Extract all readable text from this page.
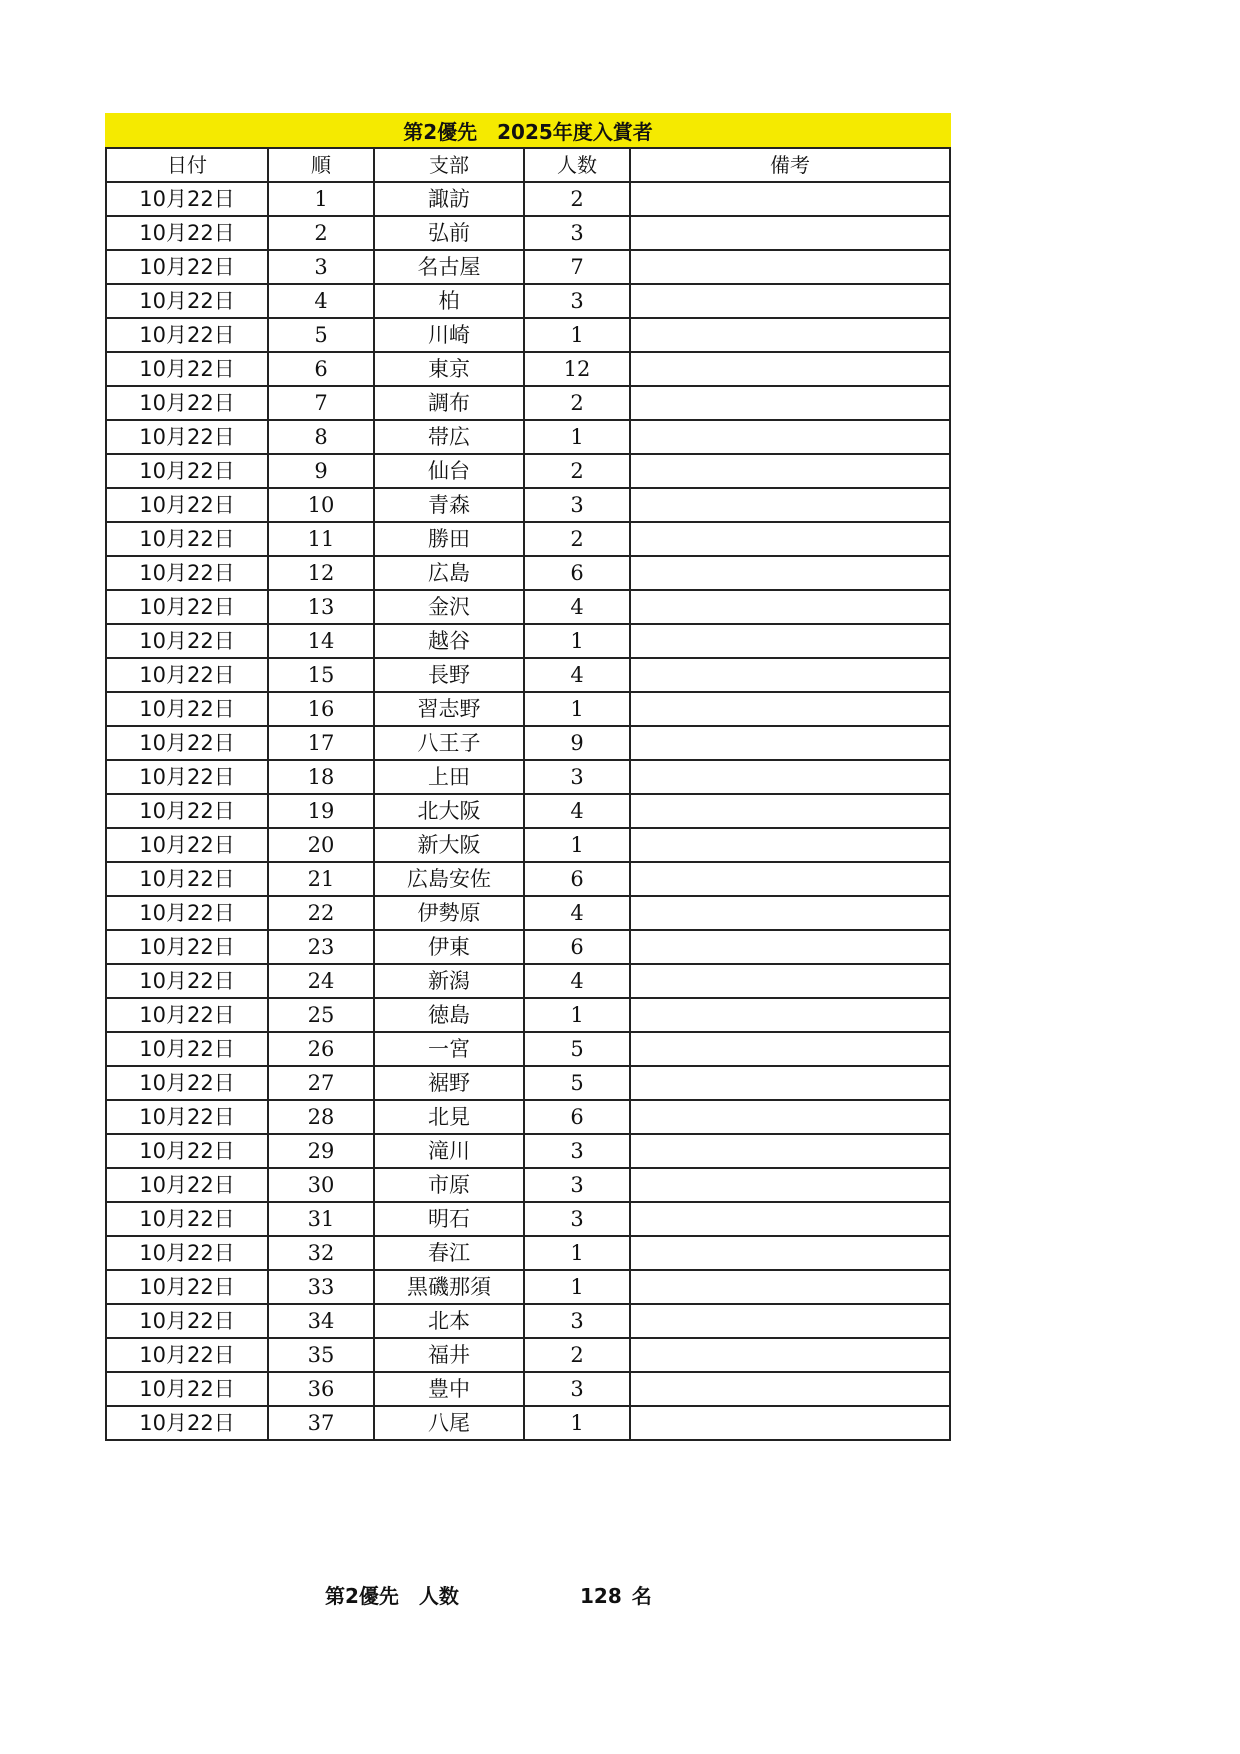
第2優先　2025年度入賞者
日付	順	支部	人数	備考
10月22日	1	諏訪	2	
10月22日	2	弘前	3	
10月22日	3	名古屋	7	
10月22日	4	柏	3	
10月22日	5	川崎	1	
10月22日	6	東京	12	
10月22日	7	調布	2	
10月22日	8	帯広	1	
10月22日	9	仙台	2	
10月22日	10	青森	3	
10月22日	11	勝田	2	
10月22日	12	広島	6	
10月22日	13	金沢	4	
10月22日	14	越谷	1	
10月22日	15	長野	4	
10月22日	16	習志野	1	
10月22日	17	八王子	9	
10月22日	18	上田	3	
10月22日	19	北大阪	4	
10月22日	20	新大阪	1	
10月22日	21	広島安佐	6	
10月22日	22	伊勢原	4	
10月22日	23	伊東	6	
10月22日	24	新潟	4	
10月22日	25	徳島	1	
10月22日	26	一宮	5	
10月22日	27	裾野	5	
10月22日	28	北見	6	
10月22日	29	滝川	3	
10月22日	30	市原	3	
10月22日	31	明石	3	
10月22日	32	春江	1	
10月22日	33	黒磯那須	1	
10月22日	34	北本	3	
10月22日	35	福井	2	
10月22日	36	豊中	3	
10月22日	37	八尾	1	
第2優先　人数	128 名
